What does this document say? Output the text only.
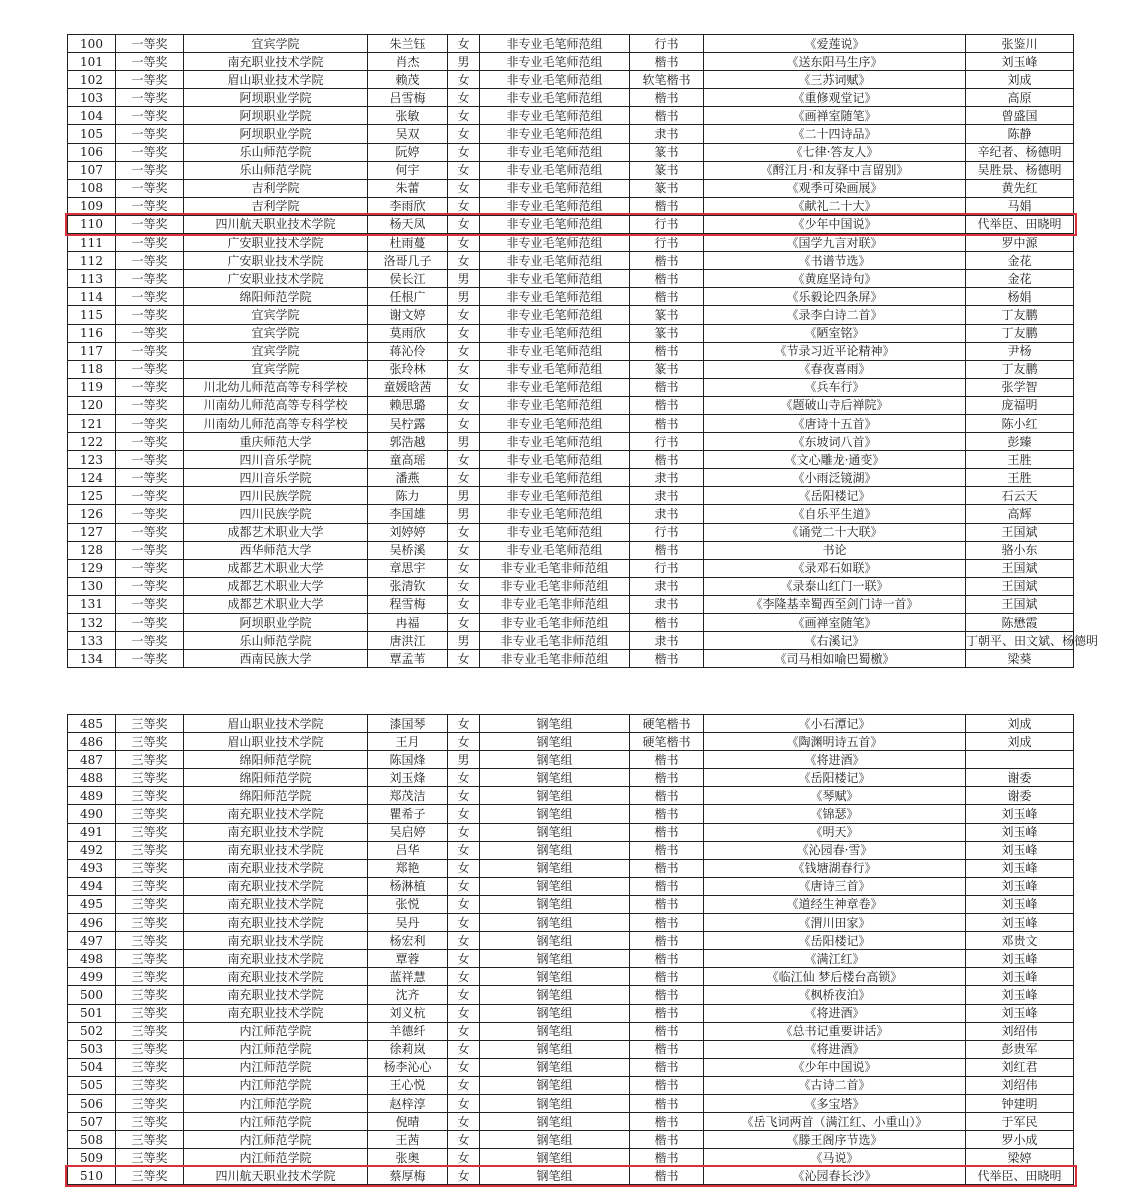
100	一等奖	宜宾学院	朱兰钰	女	非专业毛笔师范组	行书	《爱莲说》	张鉴川
101	一等奖	南充职业技术学院	肖杰	男	非专业毛笔师范组	楷书	《送东阳马生序》	刘玉峰
102	一等奖	眉山职业技术学院	赖茂	女	非专业毛笔师范组	软笔楷书	《三苏词赋》	刘成
103	一等奖	阿坝职业学院	吕雪梅	女	非专业毛笔师范组	楷书	《重修观堂记》	高原
104	一等奖	阿坝职业学院	张敏	女	非专业毛笔师范组	楷书	《画禅室随笔》	曾盛国
105	一等奖	阿坝职业学院	吴双	女	非专业毛笔师范组	隶书	《二十四诗品》	陈静
106	一等奖	乐山师范学院	阮婷	女	非专业毛笔师范组	篆书	《七律·答友人》	辛纪者、杨德明
107	一等奖	乐山师范学院	何宇	女	非专业毛笔师范组	篆书	《酹江月·和友驿中言留别》	吴胜景、杨德明
108	一等奖	吉利学院	朱蕾	女	非专业毛笔师范组	篆书	《观季可染画展》	黄先红
109	一等奖	吉利学院	李雨欣	女	非专业毛笔师范组	楷书	《献礼二十大》	马娟
110	一等奖	四川航天职业技术学院	杨天凤	女	非专业毛笔师范组	行书	《少年中国说》	代举臣、田晓明
111	一等奖	广安职业技术学院	杜雨蔓	女	非专业毛笔师范组	行书	《国学九言对联》	罗中源
112	一等奖	广安职业技术学院	洛哥几子	女	非专业毛笔师范组	楷书	《书谱节选》	金花
113	一等奖	广安职业技术学院	侯长江	男	非专业毛笔师范组	楷书	《黄庭坚诗句》	金花
114	一等奖	绵阳师范学院	任根广	男	非专业毛笔师范组	楷书	《乐毅论四条屏》	杨娟
115	一等奖	宜宾学院	谢文婷	女	非专业毛笔师范组	篆书	《录李白诗二首》	丁友鹏
116	一等奖	宜宾学院	莫雨欣	女	非专业毛笔师范组	篆书	《陋室铭》	丁友鹏
117	一等奖	宜宾学院	蒋沁伶	女	非专业毛笔师范组	楷书	《节录习近平论精神》	尹杨
118	一等奖	宜宾学院	张玲林	女	非专业毛笔师范组	篆书	《春夜喜雨》	丁友鹏
119	一等奖	川北幼儿师范高等专科学校	童媛晗茜	女	非专业毛笔师范组	楷书	《兵车行》	张学智
120	一等奖	川南幼儿师范高等专科学校	赖思璐	女	非专业毛笔师范组	楷书	《题破山寺后禅院》	庞福明
121	一等奖	川南幼儿师范高等专科学校	吴柠露	女	非专业毛笔师范组	楷书	《唐诗十五首》	陈小红
122	一等奖	重庆师范大学	郭浩越	男	非专业毛笔师范组	行书	《东坡词八首》	彭臻
123	一等奖	四川音乐学院	童高瑶	女	非专业毛笔师范组	楷书	《文心雕龙·通变》	王胜
124	一等奖	四川音乐学院	潘燕	女	非专业毛笔师范组	隶书	《小雨泛镜湖》	王胜
125	一等奖	四川民族学院	陈力	男	非专业毛笔师范组	隶书	《岳阳楼记》	石云天
126	一等奖	四川民族学院	李国雄	男	非专业毛笔师范组	隶书	《自乐平生道》	高辉
127	一等奖	成都艺术职业大学	刘婷婷	女	非专业毛笔师范组	行书	《诵党二十大联》	王国斌
128	一等奖	西华师范大学	吴桥溪	女	非专业毛笔师范组	楷书	书论	骆小东
129	一等奖	成都艺术职业大学	章思宇	女	非专业毛笔非师范组	行书	《录邓石如联》	王国斌
130	一等奖	成都艺术职业大学	张清钦	女	非专业毛笔非师范组	隶书	《录泰山红门一联》	王国斌
131	一等奖	成都艺术职业大学	程雪梅	女	非专业毛笔非师范组	隶书	《李隆基幸蜀西至剑门诗一首》	王国斌
132	一等奖	阿坝职业学院	冉福	女	非专业毛笔非师范组	楷书	《画禅室随笔》	陈懋霞
133	一等奖	乐山师范学院	唐洪江	男	非专业毛笔非师范组	隶书	《右溪记》	丁朝平、田文斌、杨德明
134	一等奖	西南民族大学	覃孟苇	女	非专业毛笔非师范组	楷书	《司马相如喻巴蜀檄》	梁葵
485	三等奖	眉山职业技术学院	漆国琴	女	钢笔组	硬笔楷书	《小石潭记》	刘成
486	三等奖	眉山职业技术学院	王月	女	钢笔组	硬笔楷书	《陶渊明诗五首》	刘成
487	三等奖	绵阳师范学院	陈国烽	男	钢笔组	楷书	《将进酒》	
488	三等奖	绵阳师范学院	刘玉烽	女	钢笔组	楷书	《岳阳楼记》	谢委
489	三等奖	绵阳师范学院	郑茂洁	女	钢笔组	楷书	《琴赋》	谢委
490	三等奖	南充职业技术学院	瞿希子	女	钢笔组	楷书	《锦瑟》	刘玉峰
491	三等奖	南充职业技术学院	吴启婷	女	钢笔组	楷书	《明天》	刘玉峰
492	三等奖	南充职业技术学院	吕华	女	钢笔组	楷书	《沁园春·雪》	刘玉峰
493	三等奖	南充职业技术学院	郑艳	女	钢笔组	楷书	《钱塘湖春行》	刘玉峰
494	三等奖	南充职业技术学院	杨淋植	女	钢笔组	楷书	《唐诗三首》	刘玉峰
495	三等奖	南充职业技术学院	张悦	女	钢笔组	楷书	《道经生神章卷》	刘玉峰
496	三等奖	南充职业技术学院	吴丹	女	钢笔组	楷书	《渭川田家》	刘玉峰
497	三等奖	南充职业技术学院	杨宏利	女	钢笔组	楷书	《岳阳楼记》	邓贵文
498	三等奖	南充职业技术学院	覃蓉	女	钢笔组	楷书	《满江红》	刘玉峰
499	三等奖	南充职业技术学院	蓝祥慧	女	钢笔组	楷书	《临江仙 梦后楼台高锁》	刘玉峰
500	三等奖	南充职业技术学院	沈齐	女	钢笔组	楷书	《枫桥夜泊》	刘玉峰
501	三等奖	南充职业技术学院	刘义杭	女	钢笔组	楷书	《将进酒》	刘玉峰
502	三等奖	内江师范学院	羊德纤	女	钢笔组	楷书	《总书记重要讲话》	刘绍伟
503	三等奖	内江师范学院	徐莉岚	女	钢笔组	楷书	《将进酒》	彭贵军
504	三等奖	内江师范学院	杨李沁心	女	钢笔组	楷书	《少年中国说》	刘红君
505	三等奖	内江师范学院	王心悦	女	钢笔组	楷书	《古诗二首》	刘绍伟
506	三等奖	内江师范学院	赵梓淳	女	钢笔组	楷书	《多宝塔》	钟建明
507	三等奖	内江师范学院	倪晴	女	钢笔组	楷书	《岳飞词两首（满江红、小重山）》	于军民
508	三等奖	内江师范学院	王茜	女	钢笔组	楷书	《滕王阁序节选》	罗小成
509	三等奖	内江师范学院	张奥	女	钢笔组	楷书	《马说》	梁婷
510	三等奖	四川航天职业技术学院	蔡厚梅	女	钢笔组	楷书	《沁园春长沙》	代举臣、田晓明
